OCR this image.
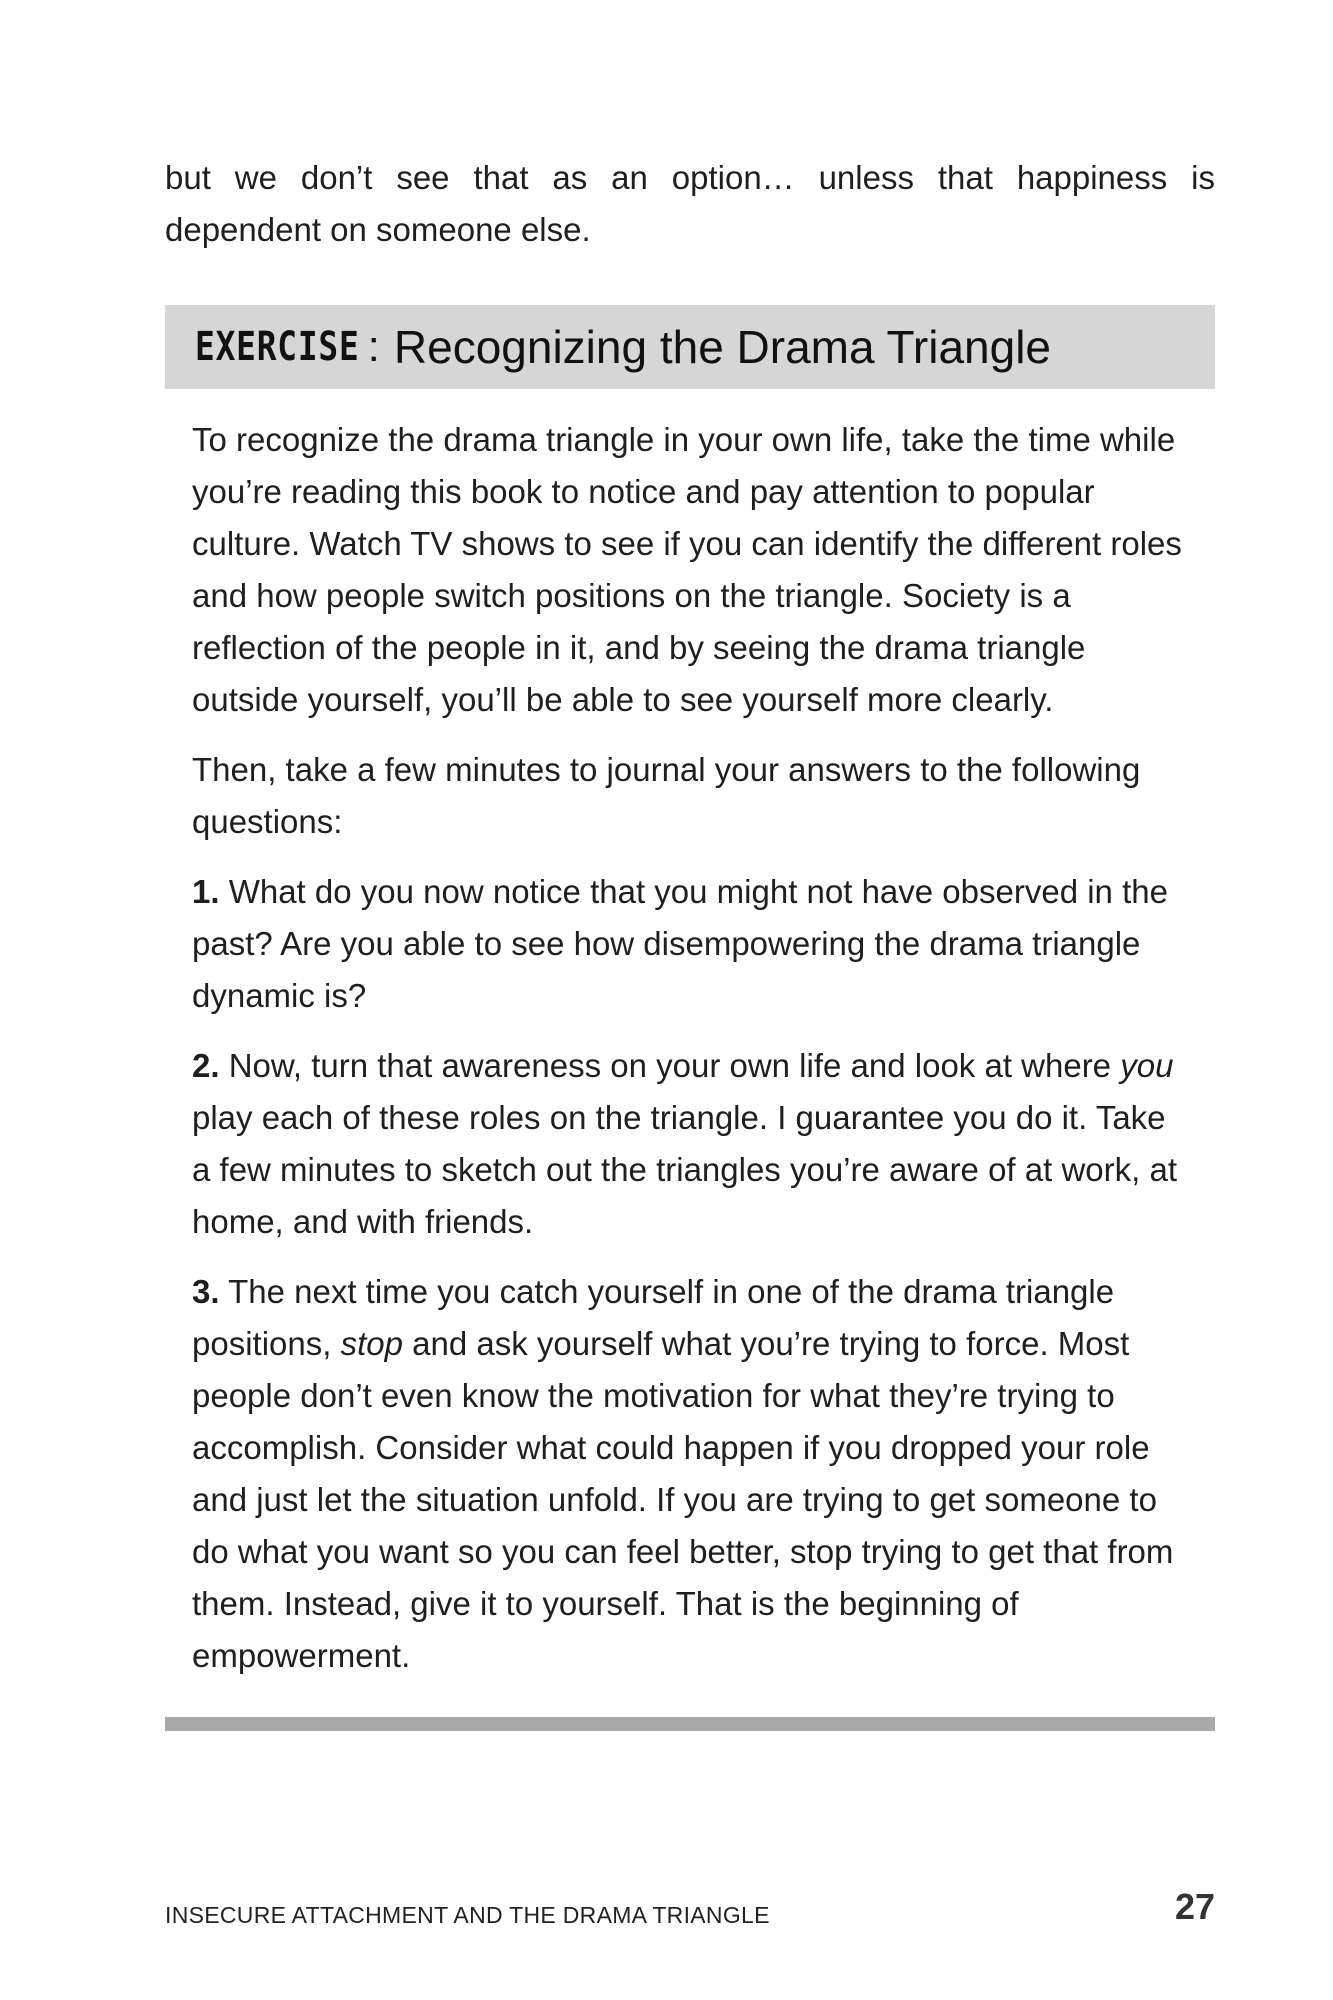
but we don’t see that as an option… unless that happiness is dependent on someone else.

EXERCISE : Recognizing the Drama Triangle

To recognize the drama triangle in your own life, take the time while you’re reading this book to notice and pay attention to popular culture. Watch TV shows to see if you can identify the different roles and how people switch positions on the triangle. Society is a reflection of the people in it, and by seeing the drama triangle outside yourself, you’ll be able to see yourself more clearly.

Then, take a few minutes to journal your answers to the following questions:

1. What do you now notice that you might not have observed in the past? Are you able to see how disempowering the drama triangle dynamic is?

2. Now, turn that awareness on your own life and look at where you play each of these roles on the triangle. I guarantee you do it. Take a few minutes to sketch out the triangles you’re aware of at work, at home, and with friends.

3. The next time you catch yourself in one of the drama triangle positions, stop and ask yourself what you’re trying to force. Most people don’t even know the motivation for what they’re trying to accomplish. Consider what could happen if you dropped your role and just let the situation unfold. If you are trying to get someone to do what you want so you can feel better, stop trying to get that from them. Instead, give it to yourself. That is the beginning of empowerment.

INSECURE ATTACHMENT AND THE DRAMA TRIANGLE	27
